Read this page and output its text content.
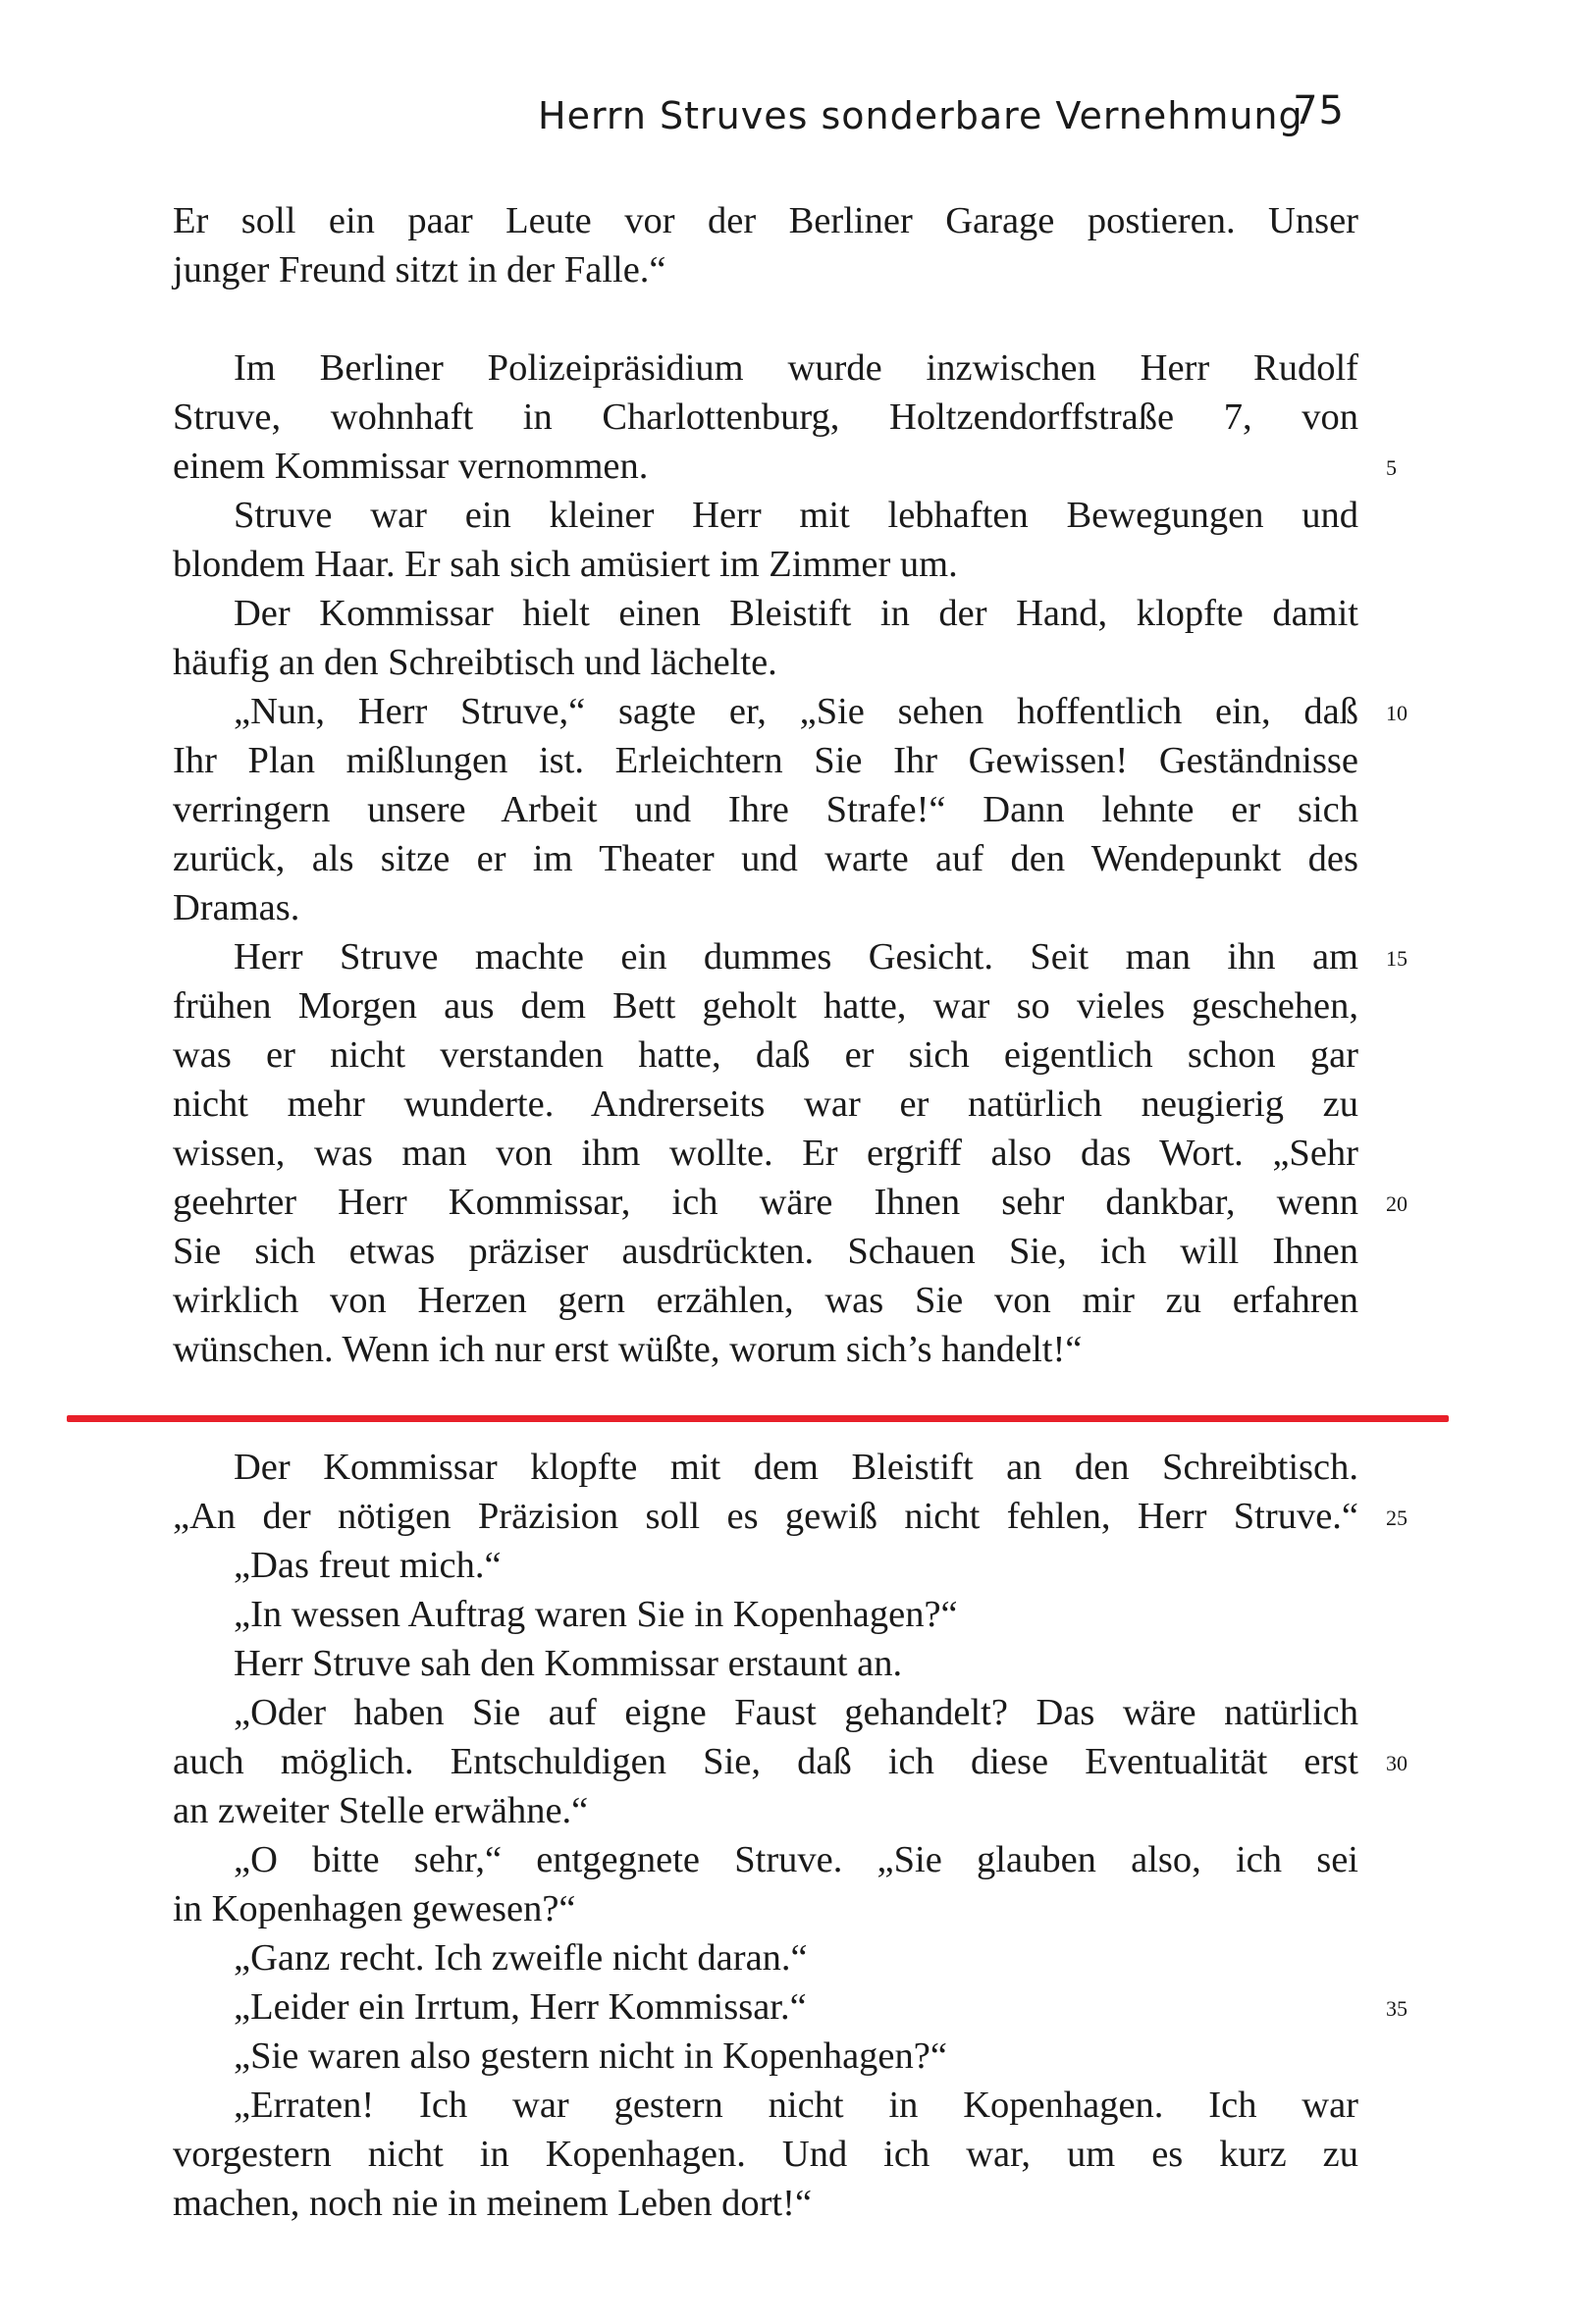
Herrn Struves sonderbare Vernehmung
75
Er soll ein paar Leute vor der Berliner Garage postieren. Unser
junger Freund sitzt in der Falle.“
Im Berliner Polizeipräsidium wurde inzwischen Herr Rudolf
Struve, wohnhaft in Charlottenburg, Holtzendorffstraße 7, von
einem Kommissar vernommen.
Struve war ein kleiner Herr mit lebhaften Bewegungen und
blondem Haar. Er sah sich amüsiert im Zimmer um.
Der Kommissar hielt einen Bleistift in der Hand, klopfte damit
häufig an den Schreibtisch und lächelte.
„Nun, Herr Struve,“ sagte er, „Sie sehen hoffentlich ein, daß
Ihr Plan mißlungen ist. Erleichtern Sie Ihr Gewissen! Geständnisse
verringern unsere Arbeit und Ihre Strafe!“ Dann lehnte er sich
zurück, als sitze er im Theater und warte auf den Wendepunkt des
Dramas.
Herr Struve machte ein dummes Gesicht. Seit man ihn am
frühen Morgen aus dem Bett geholt hatte, war so vieles geschehen,
was er nicht verstanden hatte, daß er sich eigentlich schon gar
nicht mehr wunderte. Andrerseits war er natürlich neugierig zu
wissen, was man von ihm wollte. Er ergriff also das Wort. „Sehr
geehrter Herr Kommissar, ich wäre Ihnen sehr dankbar, wenn
Sie sich etwas präziser ausdrückten. Schauen Sie, ich will Ihnen
wirklich von Herzen gern erzählen, was Sie von mir zu erfahren
wünschen. Wenn ich nur erst wüßte, worum sich’s handelt!“
Der Kommissar klopfte mit dem Bleistift an den Schreibtisch.
„An der nötigen Präzision soll es gewiß nicht fehlen, Herr Struve.“
„Das freut mich.“
„In wessen Auftrag waren Sie in Kopenhagen?“
Herr Struve sah den Kommissar erstaunt an.
„Oder haben Sie auf eigne Faust gehandelt? Das wäre natürlich
auch möglich. Entschuldigen Sie, daß ich diese Eventualität erst
an zweiter Stelle erwähne.“
„O bitte sehr,“ entgegnete Struve. „Sie glauben also, ich sei
in Kopenhagen gewesen?“
„Ganz recht. Ich zweifle nicht daran.“
„Leider ein Irrtum, Herr Kommissar.“
„Sie waren also gestern nicht in Kopenhagen?“
„Erraten! Ich war gestern nicht in Kopenhagen. Ich war
vorgestern nicht in Kopenhagen. Und ich war, um es kurz zu
machen, noch nie in meinem Leben dort!“
5
10
15
20
25
30
35
